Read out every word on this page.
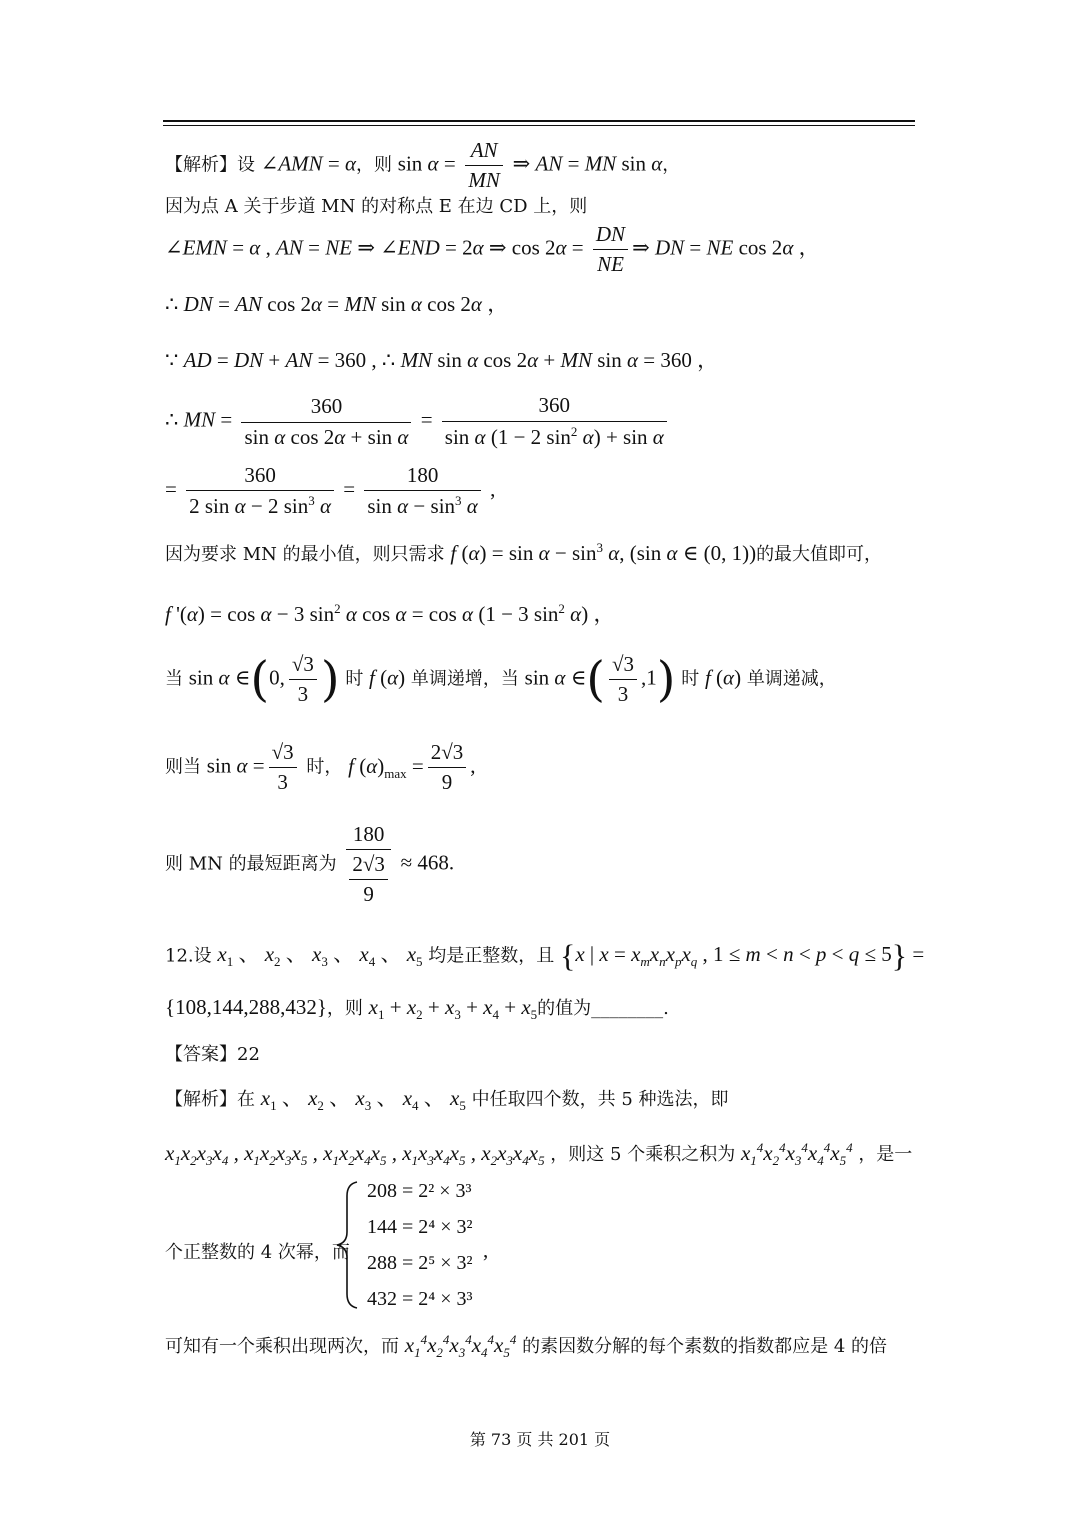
【解析】设 ∠AMN = α，则 $\sin \alpha = \frac{AN}{MN}$ ⇒ AN = MN sin α，
因为点 A 关于步道 MN 的对称点 E 在边 CD 上，则
∠EMN = α , AN = NE ⇒ ∠END = 2α ⇒ $\cos 2\alpha = \frac{DN}{NE}$ ⇒ DN = NE cos 2α ，
∴ DN = AN cos 2α = MN sin α cos 2α ，
∵ AD = DN + AN = 360 , ∴ MN sin α cos 2α + MN sin α = 360 ，
∴ MN = $\frac{360}{\text{sin α cos 2α + sin α}} = \frac{360}{\sin \alpha (1 - 2 \sin^2 \alpha) + \sin \alpha}$
= $\frac{360}{2 \sin \alpha - 2 \sin^3 \alpha} = \frac{180}{\sin \alpha - \sin^3 \alpha}$ ,
因为要求 MN 的最小值，则只需求 f $(\alpha) = \sin \alpha - \sin^3 \alpha$, (sin α ∈ (0, 1))的最大值即可，
f '(α) = cos α − 3 $\sin^2 \alpha$ cos α = cos α (1 − 3 $\sin^2 \alpha$) ，
当 sin α ∈(0, $\frac{√3}{3}$ ) 时 f (α) 单调递增，当 sin α ∈( $\frac{√3}{3} ,1$) 时 f (α) 单调递减，
则当 $\sin \alpha = \frac{√3}{3}$ 时， f $(\alpha)_{max} = \frac{2√3}{9}$ ,
则 MN 的最短距离为 $\frac{180}{\frac{2√3}{9}} \approx 468$.
12.设 $x_1$ 、 $x_2$ 、 $x_3$ 、 $x_4$ 、 $x_5$ 均是正整数，且 {x | $x = x_mx_nx_px_q$ , 1 ≤ m < n < p < q ≤ 5} =
{108,144,288,432}，则 $x_1 + x_2 + x_3 + x_4 + x_5$的值为________.
【答案】22
【解析】在 $x_1$ 、 $x_2$ 、 $x_3$ 、 $x_4$ 、 $x_5$ 中任取四个数，共 5 种选法，即
$x_1x_2x_3x_4$ , $x_1x_2x_3x_5$ , $x_1x_2x_4x_5$ , $x_1x_3x_4x_5$ , $x_2x_3x_4x_5$ ，则这 5 个乘积之积为 $x_1^4x_2^4x_3^4x_4^4x_5^4$ ，是一
个正整数的 4 次幂，而
208 = 2² × 3³
144 = 2⁴ × 3²
288 = 2⁵ × 3²
432 = 2⁴ × 3³
,
可知有一个乘积出现两次，而 $x_1^4x_2^4x_3^4x_4^4x_5^4$ 的素因数分解的每个素数的指数都应是 4 的倍
第 73 页 共 201 页
